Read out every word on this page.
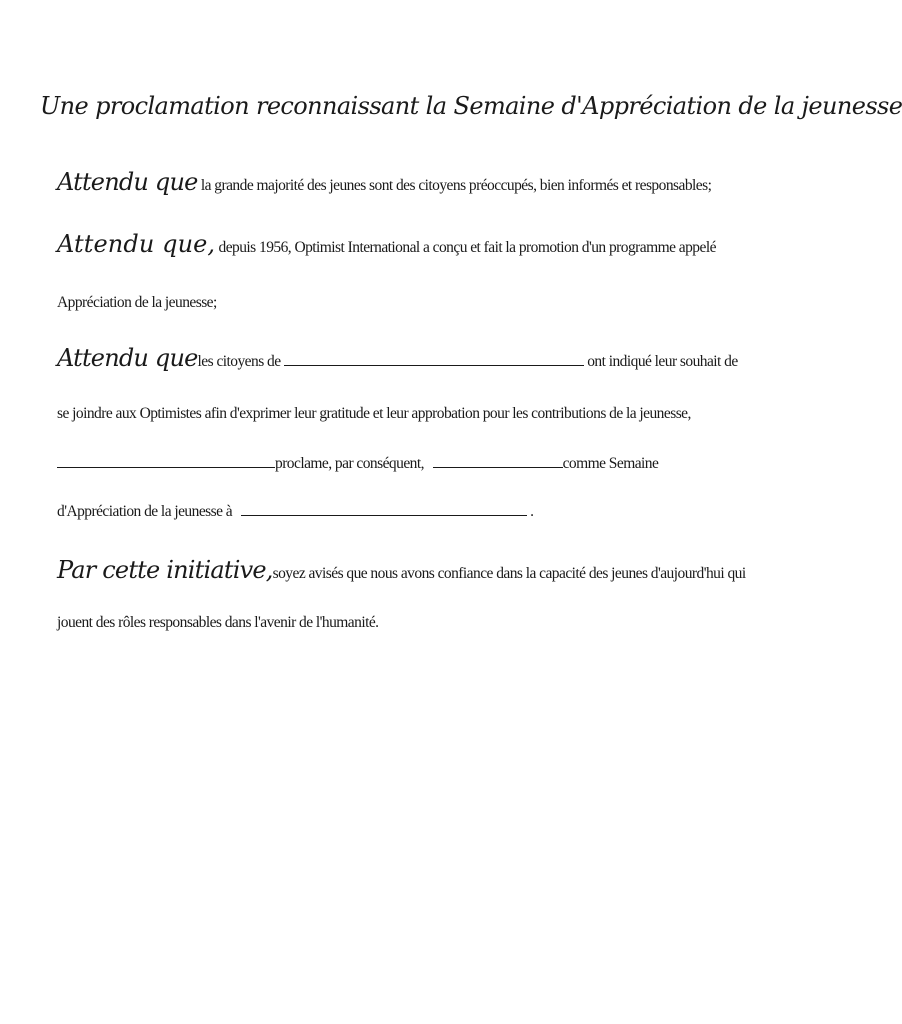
Une proclamation reconnaissant la Semaine d'Appréciation de la jeunesse
Attendu que la grande majorité des jeunes sont des citoyens préoccupés, bien informés et responsables;
Attendu que, depuis 1956, Optimist International a conçu et fait la promotion d'un programme appelé
Appréciation de la jeunesse;
Attendu queles citoyens de	ont indiqué leur souhait de
se joindre aux Optimistes afin d'exprimer leur gratitude et leur approbation pour les contributions de la jeunesse,
proclame, par conséquent,	comme Semaine
d'Appréciation de la jeunesse à	.
Par cette initiative,soyez avisés que nous avons confiance dans la capacité des jeunes d'aujourd'hui qui
jouent des rôles responsables dans l'avenir de l'humanité.
